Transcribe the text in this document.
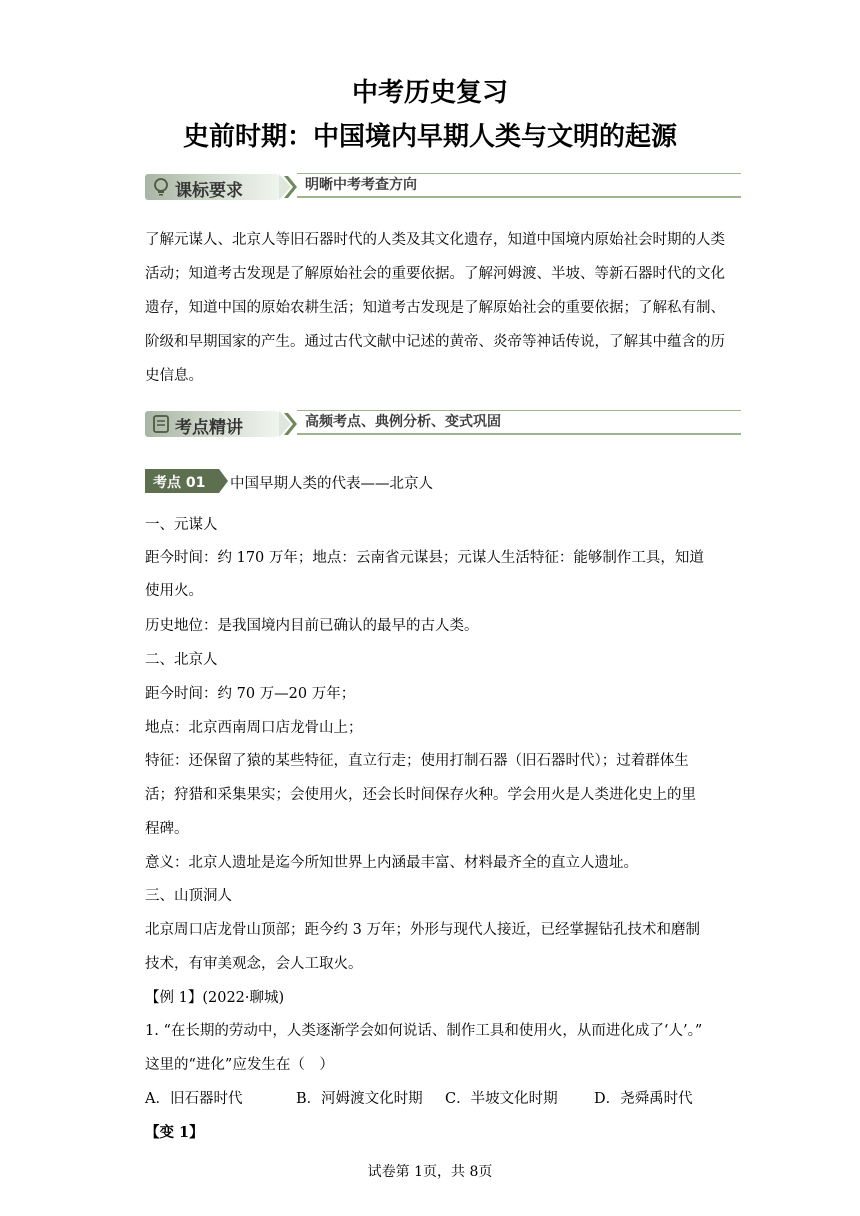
中考历史复习
史前时期：中国境内早期人类与文明的起源
课标要求	明晰中考考查方向
了解元谋人、北京人等旧石器时代的人类及其文化遗存，知道中国境内原始社会时期的人类活动；知道考古发现是了解原始社会的重要依据。了解河姆渡、半坡、等新石器时代的文化遗存，知道中国的原始农耕生活；知道考古发现是了解原始社会的重要依据；了解私有制、阶级和早期国家的产生。通过古代文献中记述的黄帝、炎帝等神话传说，了解其中蕴含的历史信息。
考点精讲	高频考点、典例分析、变式巩固
考点 01 中国早期人类的代表——北京人
一、元谋人
距今时间：约 170 万年；地点：云南省元谋县；元谋人生活特征：能够制作工具，知道
使用火。
历史地位：是我国境内目前已确认的最早的古人类。
二、北京人
距今时间：约 70 万—20 万年；
地点：北京西南周口店龙骨山上；
特征：还保留了猿的某些特征，直立行走；使用打制石器（旧石器时代）；过着群体生
活；狩猎和采集果实；会使用火，还会长时间保存火种。学会用火是人类进化史上的里
程碑。
意义：北京人遗址是迄今所知世界上内涵最丰富、材料最齐全的直立人遗址。
三、山顶洞人
北京周口店龙骨山顶部；距今约 3 万年；外形与现代人接近，已经掌握钻孔技术和磨制
技术，有审美观念，会人工取火。
【例 1】(2022·聊城)
1. “在长期的劳动中，人类逐渐学会如何说话、制作工具和使用火，从而进化成了‘人’。”
这里的“进化”应发生在（　）
A．旧石器时代	B．河姆渡文化时期 C．半坡文化时期	D．尧舜禹时代
【变 1】
试卷第 1页，共 8页
